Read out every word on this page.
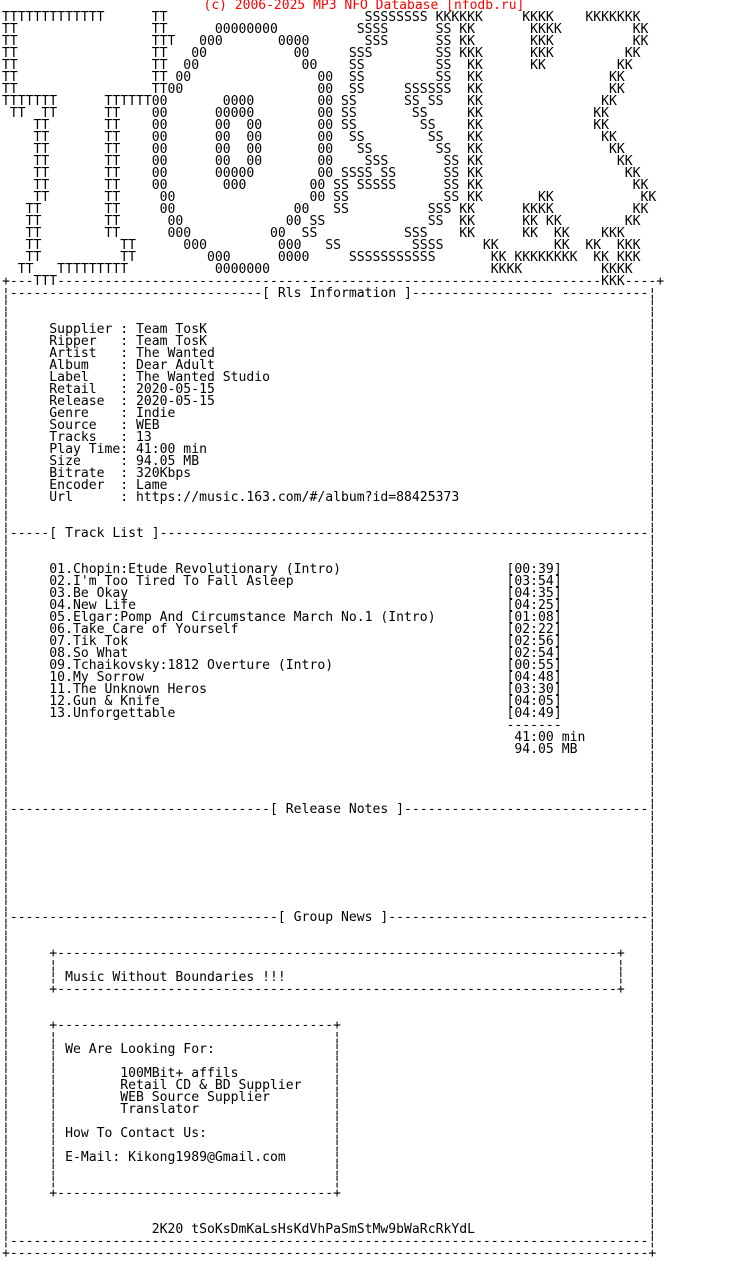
(c) 2006-2025 MP3 NFO Database [nfodb.ru]
TTTTTTTTTTTTT      TT                         SSSSSSSS KKKKKK     KKKK    KKKKKKK
TT                 TT      00000000          SSSS      SS KK       KKKK         KK
TT                 TTT   000       0000       SSS      SS KK       KKK          KK
TT                 TT   00           00     SSS        SS KKK      KKK         KK
TT                 TT  00             00    SS         SS  KK      KK         KK
TT                 TT 00                00  SS         SS  KK                KK
TT                 TT00                 00  SS     SSSSSS  KK                KK
TTTTTTT      TTTTTT00       0000        00 SS      SS SS   KK               KK
TT  TT      TT    00      00000        00 SS       SS     KK              KK
TT       TT    00      00  00       00 SS        SS    KK              KK
TT       TT    00      00  00       00  SS        SS   KK               KK
TT       TT    00      00  00       00   SS        SS  KK                KK
TT       TT    00      00  00       00    SSS       SS KK                 KK
TT       TT    00      00000        00 SSSS SS      SS KK                  KK
TT       TT    00       000        00 SS SSSSS      SS KK                   KK
TT       TT     00                 00 SS            SS KK       KK           KK
TT        TT     00               00   SS          SSS KK      KKKK          KK
TT        TT      00             00 SS             SS  KK      KK KK        KK
TT        TT      000          00  SS           SSS    KK      KK  KK    KKK
TT          TT      000         000   SS         SSSS     KK       KK  KK  KKK
TT          TT         000      0000     SSSSSSSSSSS       KK KKKKKKKK  KK KKK
TT   TTTTTTTTT           0000000                            KKKK          KKKK
+---TTT---------------------------------------------------------------------KKK----+
¦--------------------------------[ Rls Information ]------------------ -----------¦
¦                                                                                 ¦
¦                                                                                 ¦
¦     Supplier : Team TosK                                                        ¦
¦     Ripper   : Team TosK                                                        ¦
¦     Artist   : The Wanted                                                       ¦
¦     Album    : Dear Adult                                                       ¦
¦     Label    : The Wanted Studio                                                ¦
¦     Retail   : 2020-05-15                                                       ¦
¦     Release  : 2020-05-15                                                       ¦
¦     Genre    : Indie                                                            ¦
¦     Source   : WEB                                                              ¦
¦     Tracks   : 13                                                               ¦
¦     Play Time: 41:00 min                                                        ¦
¦     Size     : 94.05 MB                                                         ¦
¦     Bitrate  : 320Kbps                                                          ¦
¦     Encoder  : Lame                                                             ¦
¦     Url      : https://music.163.com/#/album?id=88425373                        ¦
¦                                                                                 ¦
¦                                                                                 ¦
¦-----[ Track List ]--------------------------------------------------------------¦
¦                                                                                 ¦
¦                                                                                 ¦
¦     01.Chopin:Etude Revolutionary (Intro)                     [00:39]           ¦
¦     02.I'm Too Tired To Fall Asleep                           [03:54]           ¦
¦     03.Be Okay                                                [04:35]           ¦
¦     04.New Life                                               [04:25]           ¦
¦     05.Elgar:Pomp And Circumstance March No.1 (Intro)         [01:08]           ¦
¦     06.Take Care of Yourself                                  [02:22]           ¦
¦     07.Tik Tok                                                [02:56]           ¦
¦     08.So What                                                [02:54]           ¦
¦     09.Tchaikovsky:1812 Overture (Intro)                      [00:55]           ¦
¦     10.My Sorrow                                              [04:48]           ¦
¦     11.The Unknown Heros                                      [03:30]           ¦
¦     12.Gun & Knife                                            [04:05]           ¦
¦     13.Unforgettable                                          [04:49]           ¦
¦                                                               -------           ¦
¦                                                                41:00 min        ¦
¦                                                                94.05 MB         ¦
¦                                                                                 ¦
¦                                                                                 ¦
¦                                                                                 ¦
¦                                                                                 ¦
¦---------------------------------[ Release Notes ]-------------------------------¦
¦                                                                                 ¦
¦                                                                                 ¦
¦                                                                                 ¦
¦                                                                                 ¦
¦                                                                                 ¦
¦                                                                                 ¦
¦                                                                                 ¦
¦                                                                                 ¦
¦----------------------------------[ Group News ]---------------------------------¦
¦                                                                                 ¦
¦                                                                                 ¦
¦     +-----------------------------------------------------------------------+   ¦
¦     ¦                                                                       ¦   ¦
¦     ¦ Music Without Boundaries !!!                                          ¦   ¦
¦     +-----------------------------------------------------------------------+   ¦
¦                                                                                 ¦
¦                                                                                 ¦
¦     +-----------------------------------+                                       ¦
¦     ¦                                   ¦                                       ¦
¦     ¦ We Are Looking For:               ¦                                       ¦
¦     ¦                                   ¦                                       ¦
¦     ¦        100MBit+ affils            ¦                                       ¦
¦     ¦        Retail CD & BD Supplier    ¦                                       ¦
¦     ¦        WEB Source Supplier        ¦                                       ¦
¦     ¦        Translator                 ¦                                       ¦
¦     ¦                                   ¦                                       ¦
¦     ¦ How To Contact Us:                ¦                                       ¦
¦     ¦                                   ¦                                       ¦
¦     ¦ E-Mail: Kikong1989@Gmail.com      ¦                                       ¦
¦     ¦                                   ¦                                       ¦
¦     ¦                                   ¦                                       ¦
¦     +-----------------------------------+                                       ¦
¦                                                                                 ¦
¦                                                                                 ¦
¦                  2K20 tSoKsDmKaLsHsKdVhPaSmStMw9bWaRcRkYdL                      ¦
¦---------------------------------------------------------------------------------¦
+---------------------------------------------------------------------------------+
